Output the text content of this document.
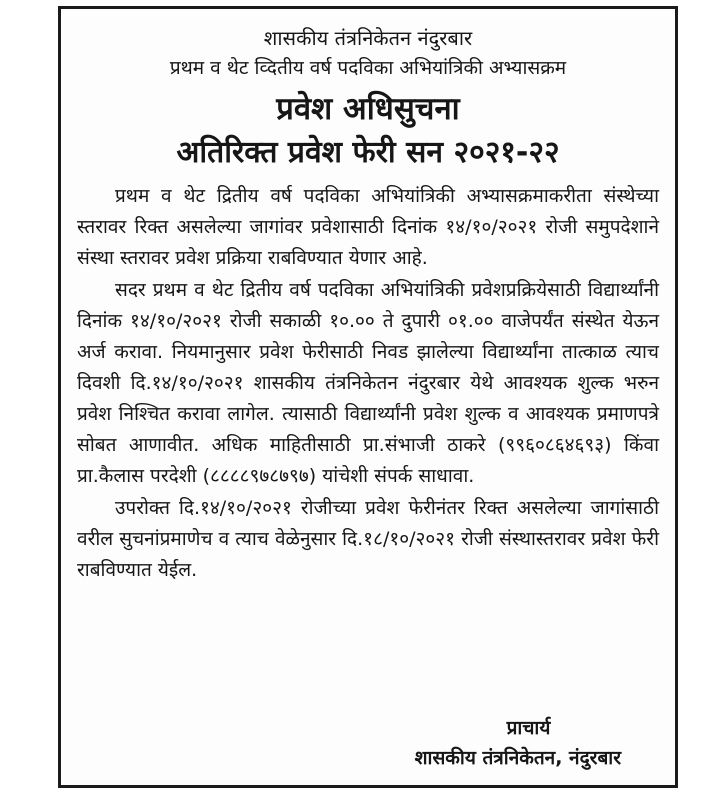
शासकीय तंत्रनिकेतन नंदुरबार

प्रथम व थेट व्दितीय वर्ष पदविका अभियांत्रिकी अभ्यासक्रम

प्रवेश अधिसुचना

अतिरिक्त प्रवेश फेरी सन २०२१-२२

प्रथम व थेट द्रितीय वर्ष पदविका अभियांत्रिकी अभ्यासक्रमाकरीता संस्थेच्या स्तरावर रिक्त असलेल्या जागांवर प्रवेशासाठी दिनांक १४/१०/२०२१ रोजी समुपदेशाने संस्था स्तरावर प्रवेश प्रक्रिया राबविण्यात येणार आहे.

सदर प्रथम व थेट द्रितीय वर्ष पदविका अभियांत्रिकी प्रवेशप्रक्रियेसाठी विद्यार्थ्यांनी दिनांक १४/१०/२०२१ रोजी सकाळी १०.०० ते दुपारी ०१.०० वाजेपर्यंत संस्थेत येऊन अर्ज करावा. नियमानुसार प्रवेश फेरीसाठी निवड झालेल्या विद्यार्थ्यांना तात्काळ त्याच दिवशी दि.१४/१०/२०२१ शासकीय तंत्रनिकेतन नंदुरबार येथे आवश्यक शुल्क भरुन प्रवेश निश्चित करावा लागेल. त्यासाठी विद्यार्थ्यांनी प्रवेश शुल्क व आवश्यक प्रमाणपत्रे सोबत आणावीत. अधिक माहितीसाठी प्रा.संभाजी ठाकरे (९९६०८६४६९३) किंवा प्रा.कैलास परदेशी (८८८८९७८७९७) यांचेशी संपर्क साधावा.

उपरोक्त दि.१४/१०/२०२१ रोजीच्या प्रवेश फेरीनंतर रिक्त असलेल्या जागांसाठी वरील सुचनांप्रमाणेच व त्याच वेळेनुसार दि.१८/१०/२०२१ रोजी संस्थास्तरावर प्रवेश फेरी राबविण्यात येईल.

प्राचार्य
शासकीय तंत्रनिकेतन, नंदुरबार
